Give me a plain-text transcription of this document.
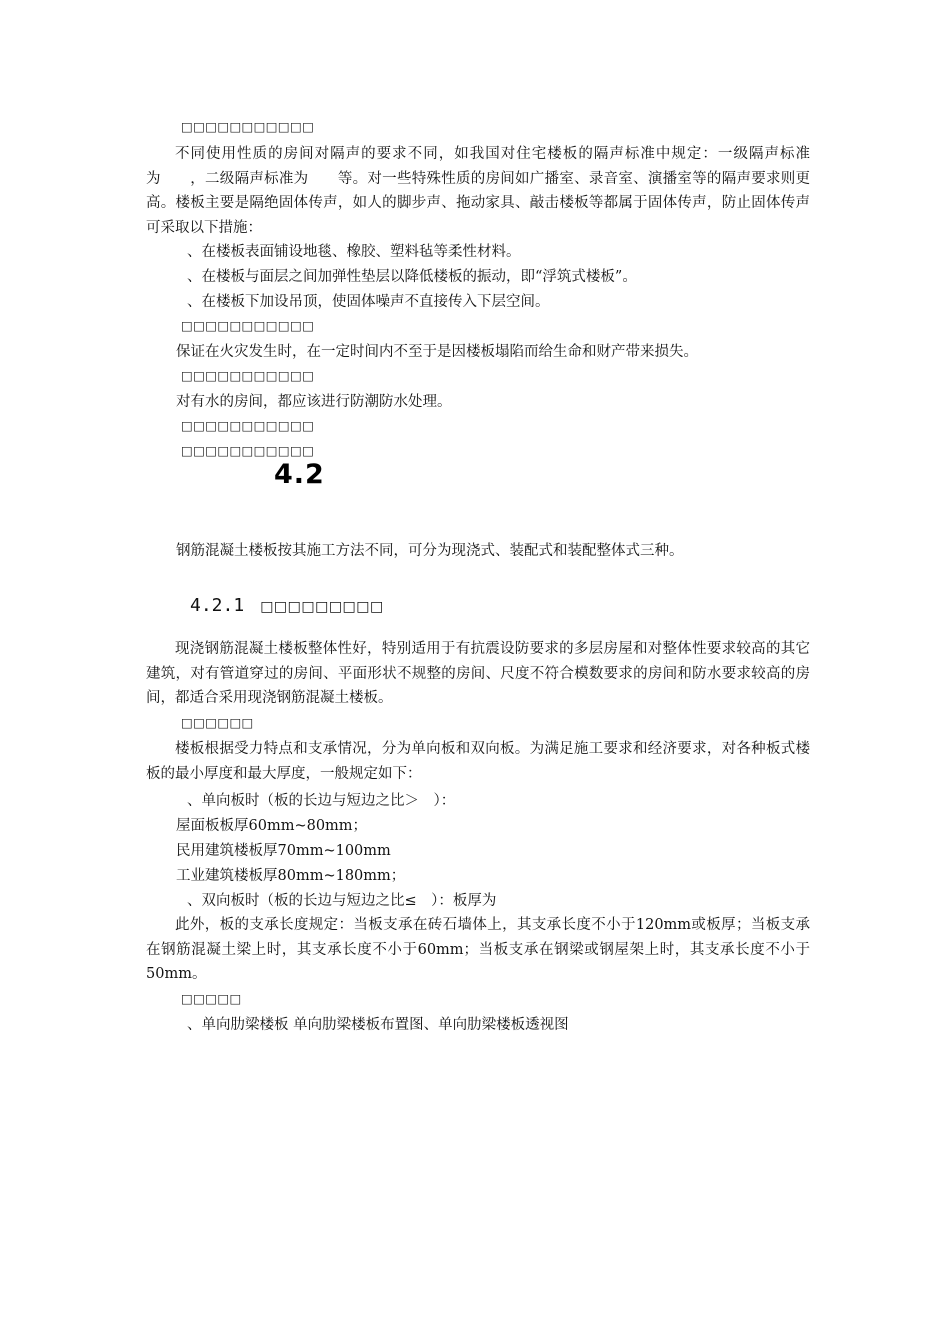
□□□□□□□□□□□
不同使用性质的房间对隔声的要求不同，如我国对住宅楼板的隔声标准中规定：一级隔声标准为　　，二级隔声标准为　　等。对一些特殊性质的房间如广播室、录音室、演播室等的隔声要求则更高。楼板主要是隔绝固体传声，如人的脚步声、拖动家具、敲击楼板等都属于固体传声，防止固体传声可采取以下措施：
、在楼板表面铺设地毯、橡胶、塑料毡等柔性材料。
、在楼板与面层之间加弹性垫层以降低楼板的振动，即“浮筑式楼板”。
、在楼板下加设吊顶，使固体噪声不直接传入下层空间。
□□□□□□□□□□□
保证在火灾发生时，在一定时间内不至于是因楼板塌陷而给生命和财产带来损失。
□□□□□□□□□□□
对有水的房间，都应该进行防潮防水处理。
□□□□□□□□□□□
□□□□□□□□□□□
4.2
钢筋混凝土楼板按其施工方法不同，可分为现浇式、装配式和装配整体式三种。
4.2.1 □□□□□□□□□
现浇钢筋混凝土楼板整体性好，特别适用于有抗震设防要求的多层房屋和对整体性要求较高的其它建筑，对有管道穿过的房间、平面形状不规整的房间、尺度不符合模数要求的房间和防水要求较高的房间，都适合采用现浇钢筋混凝土楼板。
□□□□□□
楼板根据受力特点和支承情况，分为单向板和双向板。为满足施工要求和经济要求，对各种板式楼板的最小厚度和最大厚度，一般规定如下：
、单向板时（板的长边与短边之比＞　）：
屋面板板厚60mm~80mm；
民用建筑楼板厚70mm~100mm
工业建筑楼板厚80mm~180mm；
、双向板时（板的长边与短边之比≤　）：板厚为
此外，板的支承长度规定：当板支承在砖石墙体上，其支承长度不小于120mm或板厚；当板支承在钢筋混凝土梁上时，其支承长度不小于60mm；当板支承在钢梁或钢屋架上时，其支承长度不小于50mm。
□□□□□
、单向肋梁楼板 单向肋梁楼板布置图、单向肋梁楼板透视图
